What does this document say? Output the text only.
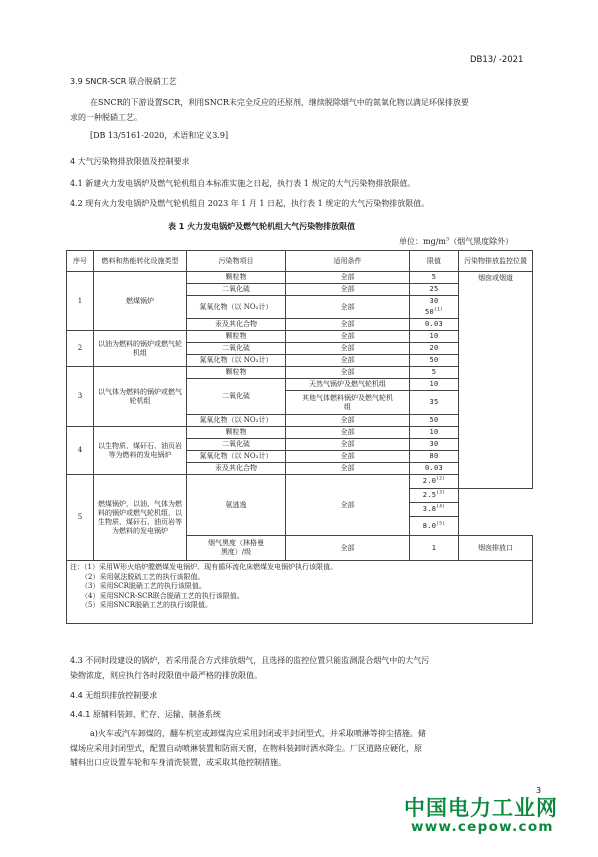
DB13/ -2021
3.9 SNCR-SCR 联合脱硝工艺
在SNCR的下游设置SCR，利用SNCR未完全反应的还原剂，继续脱除烟气中的氮氧化物以满足环保排放要
求的一种脱硝工艺。
[DB 13/5161-2020，术语和定义3.9]
4 大气污染物排放限值及控制要求
4.1 新建火力发电锅炉及燃气轮机组自本标准实施之日起，执行表 1 规定的大气污染物排放限值。
4.2 现有火力发电锅炉及燃气轮机组自 2023 年 1 月 1 日起，执行表 1 规定的大气污染物排放限值。
表 1 火力发电锅炉及燃气轮机组大气污染物排放限值
单位：$mg/m^3$（烟气黑度除外）
序号	燃料和热能转化设施类型	污染物项目	适用条件	限值	污染物排放监控位置
1	燃煤锅炉	颗粒物	全部	5	烟囱或烟道
		二氧化硫	全部	25	
		氮氧化物（以 NO₂计）	全部	30	
				50$^{(1)}$
		汞及其化合物	全部	0.03	
2	以油为燃料的锅炉或燃气轮机组	颗粒物	全部	10	
		二氧化硫	全部	20	
		氮氧化物（以 NO₂计）	全部	50	
3	以气体为燃料的锅炉或燃气轮机组	颗粒物	全部	5	
		二氧化硫	天然气锅炉及燃气轮机组	10	
			其他气体燃料锅炉及燃气轮机组	35	
		氮氧化物（以 NO₂计）	全部	50	
4	以生物质、煤矸石、油页岩等为燃料的发电锅炉	颗粒物	全部	10	
		二氧化硫	全部	30	
		氮氧化物（以 NO₂计）	全部	80	
		汞及其化合物	全部	0.03	
5	燃煤锅炉，以油、气体为燃料的锅炉或燃气轮机组，以生物质、煤矸石、油页岩等为燃料的发电锅炉	氨逃逸	全部	2.0$^{(2)}$
				2.5$^{(3)}$
				3.8$^{(4)}$
				8.0$^{(5)}$
		烟气黑度（林格曼黑度）/级	全部	1	烟囱排放口

注：（1）采用W形火焰炉膛燃煤发电锅炉、现有循环流化床燃煤发电锅炉执行该限值。
（2）采用氨法脱硫工艺的执行该限值。
（3）采用SCR脱硝工艺的执行该限值。
（4）采用SNCR-SCR联合脱硝工艺的执行该限值。
（5）采用SNCR脱硝工艺的执行该限值。					
4.3 不同时段建设的锅炉，若采用混合方式排放烟气，且选择的监控位置只能监测混合烟气中的大气污
染物浓度，则应执行各时段限值中最严格的排放限值。
4.4 无组织排放控制要求
4.4.1 原辅料装卸、贮存、运输、制备系统
a)火车或汽车卸煤的，翻车机室或卸煤沟应采用封闭或半封闭型式，并采取喷淋等抑尘措施。储
煤场应采用封闭型式，配置自动喷淋装置和防雨天窗，在物料装卸时洒水降尘。厂区道路应硬化，原
辅料出口应设置车轮和车身清洗装置，或采取其他控制措施。
3
中国电力工业网
www.cepow.com
